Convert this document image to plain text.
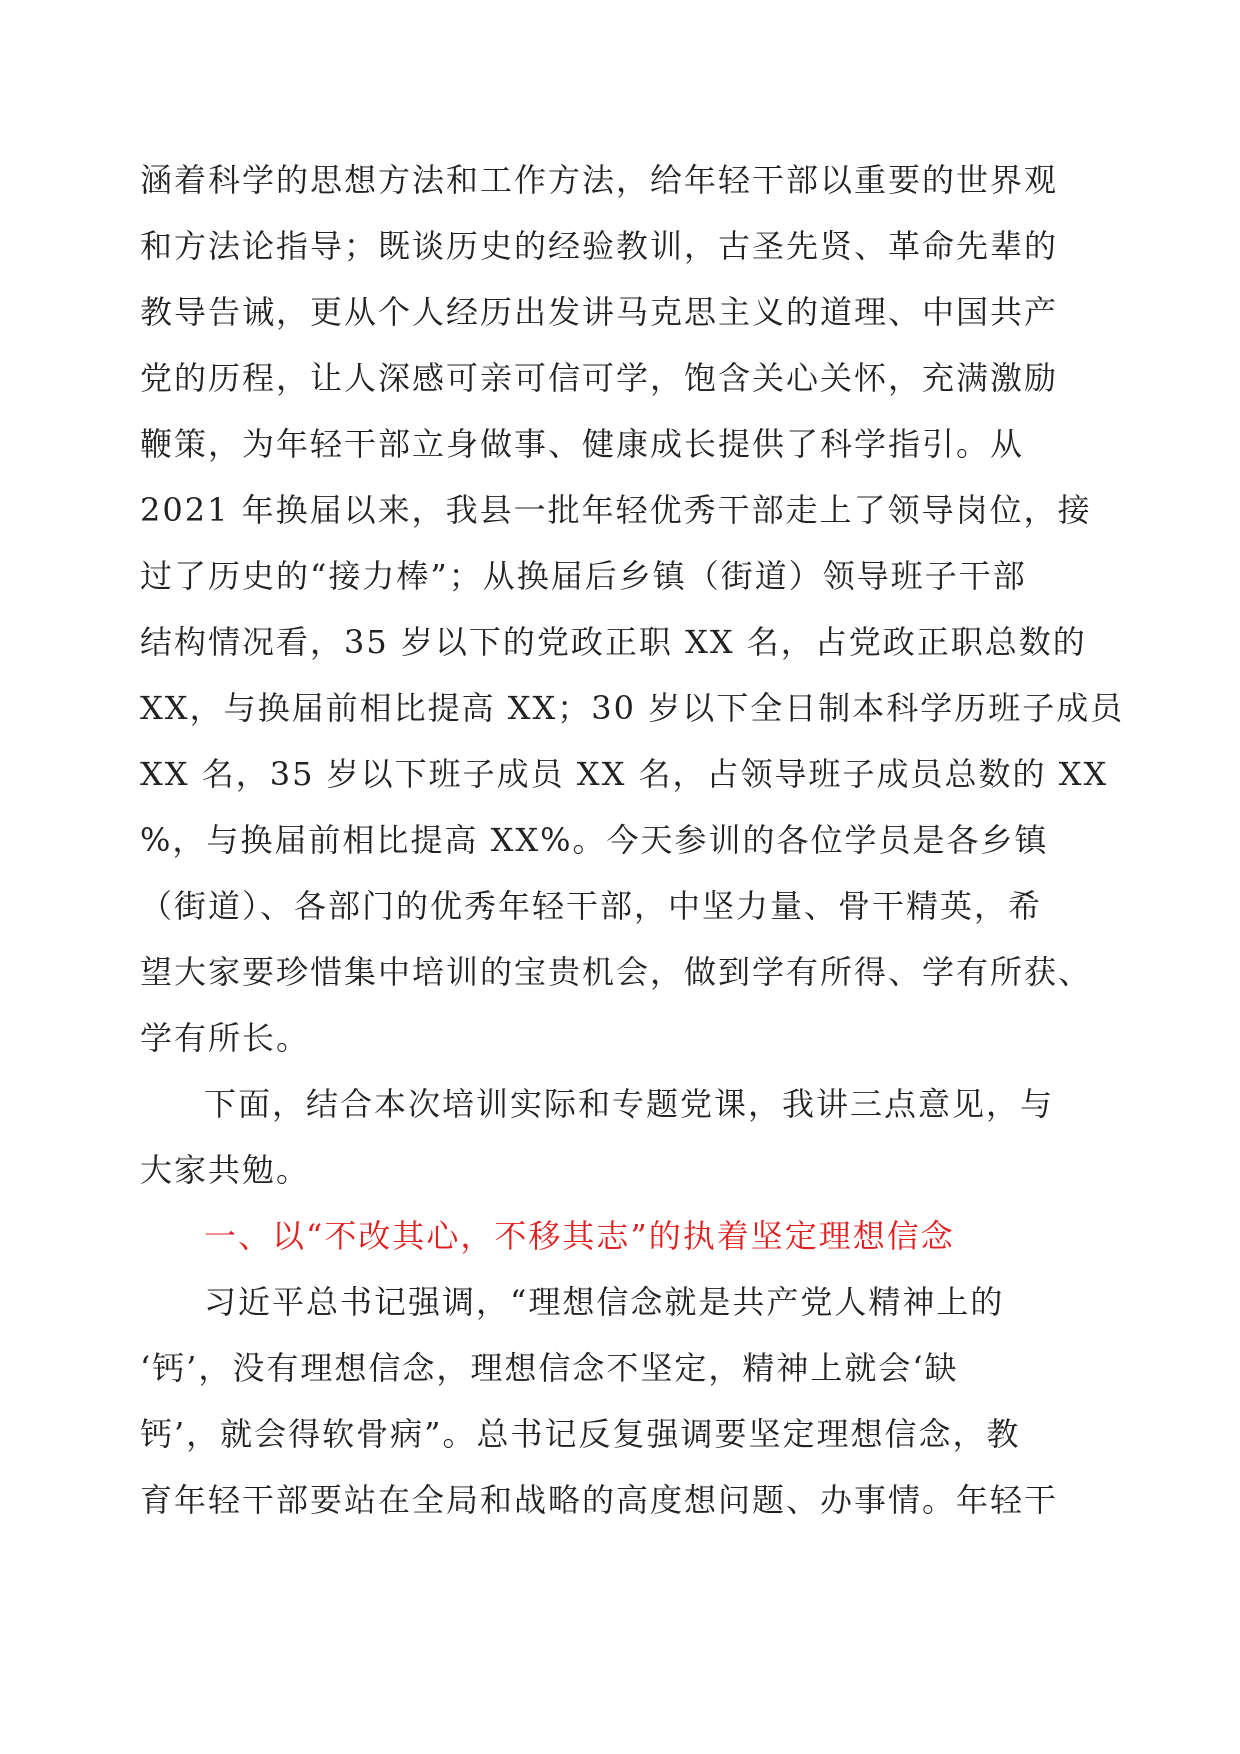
涵着科学的思想方法和工作方法，给年轻干部以重要的世界观
和方法论指导；既谈历史的经验教训，古圣先贤、革命先辈的
教导告诫，更从个人经历出发讲马克思主义的道理、中国共产
党的历程，让人深感可亲可信可学，饱含关心关怀，充满激励
鞭策，为年轻干部立身做事、健康成长提供了科学指引。从
2021 年换届以来，我县一批年轻优秀干部走上了领导岗位，接
过了历史的“接力棒”；从换届后乡镇（街道）领导班子干部
结构情况看，35 岁以下的党政正职 XX 名，占党政正职总数的
XX，与换届前相比提高 XX；30 岁以下全日制本科学历班子成员
XX 名，35 岁以下班子成员 XX 名，占领导班子成员总数的 XX
%，与换届前相比提高 XX%。今天参训的各位学员是各乡镇
（街道）、各部门的优秀年轻干部，中坚力量、骨干精英，希
望大家要珍惜集中培训的宝贵机会，做到学有所得、学有所获、
学有所长。
下面，结合本次培训实际和专题党课，我讲三点意见，与
大家共勉。
一、以“不改其心，不移其志”的执着坚定理想信念
习近平总书记强调，“理想信念就是共产党人精神上的
‘钙’，没有理想信念，理想信念不坚定，精神上就会‘缺
钙’，就会得软骨病”。总书记反复强调要坚定理想信念，教
育年轻干部要站在全局和战略的高度想问题、办事情。年轻干
